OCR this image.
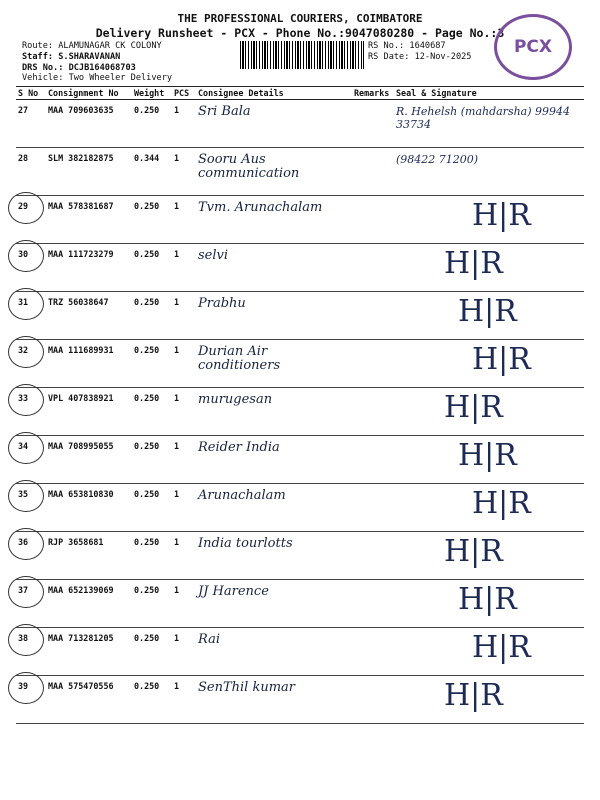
THE PROFESSIONAL COURIERS, COIMBATORE
Delivery Runsheet - PCX - Phone No.:9047080280 - Page No.:3
Route: ALAMUNAGAR CK COLONY
Staff: S.SHARAVANAN
DRS No.: DCJB164068703
Vehicle: Two Wheeler Delivery
RS No.: 1640687
RS Date: 12-Nov-2025	PCX
S No	Consignment No	Weight	PCS	Consignee Details	Remarks	Seal & Signature
27	MAA 709603635	0.250	1	Sri Bala		R. Hehelsh (mahdarsha) 99944 33734
28	SLM 382182875	0.344	1	Sooru Aus communication		(98422 71200)
29	MAA 578381687	0.250	1	Tvm. Arunachalam		H|R

30	MAA 111723279	0.250	1	selvi		H|R

31	TRZ 56038647	0.250	1	Prabhu		H|R

32	MAA 111689931	0.250	1	Durian Air conditioners		H|R

33	VPL 407838921	0.250	1	murugesan		H|R

34	MAA 708995055	0.250	1	Reider India		H|R

35	MAA 653810830	0.250	1	Arunachalam		H|R

36	RJP 3658681	0.250	1	India tourlotts		H|R

37	MAA 652139069	0.250	1	JJ Harence		H|R

38	MAA 713281205	0.250	1	Rai		H|R

39	MAA 575470556	0.250	1	SenThil kumar		H|R
